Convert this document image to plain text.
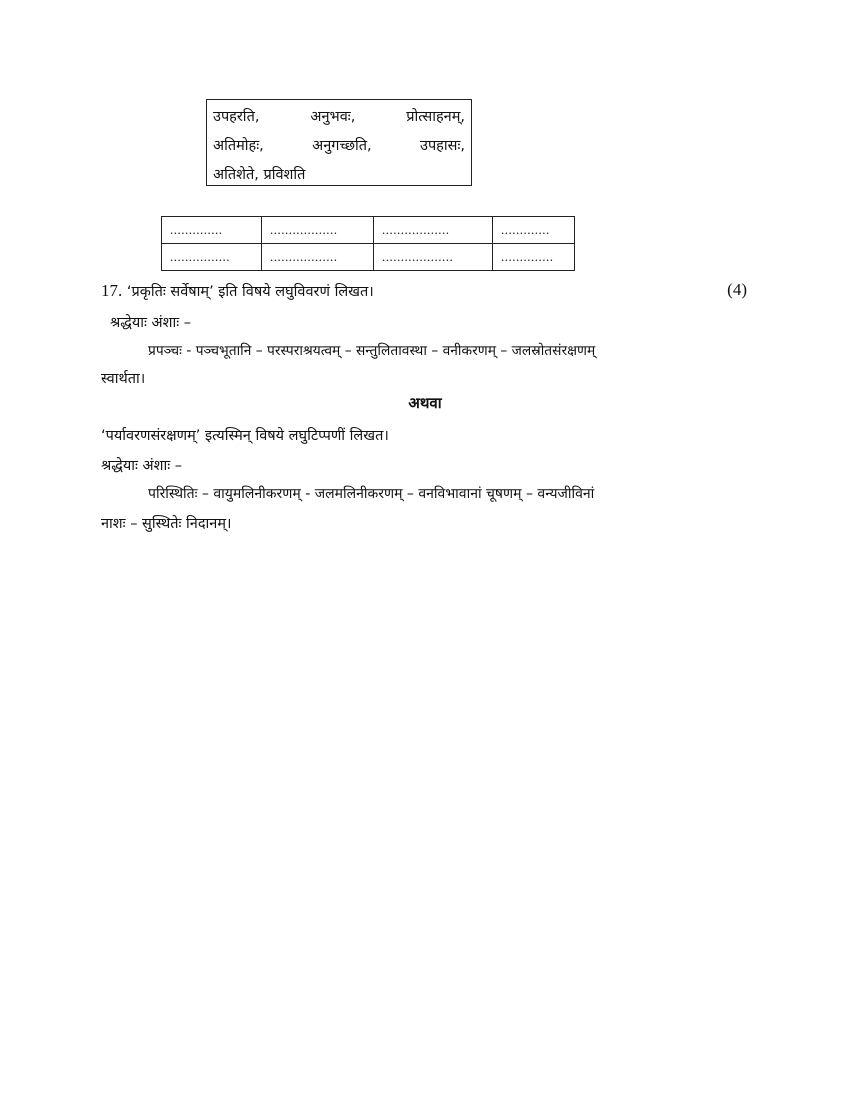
उपहरति,	अनुभवः,	प्रोत्साहनम्,
अतिमोहः,	अनुगच्छति,	उपहासः,
अतिशेते, प्रविशति
..............	..................	..................	.............
................	..................	...................	..............
17. ‘प्रकृतिः सर्वेषाम्’ इति विषये लघुविवरणं लिखत।	(4)
श्रद्धेयाः अंशाः –
प्रपञ्चः - पञ्चभूतानि – परस्पराश्रयत्वम् – सन्तुलितावस्था – वनीकरणम् – जलस्रोतसंरक्षणम्
स्वार्थता।
अथवा
‘पर्यावरणसंरक्षणम्’ इत्यस्मिन् विषये लघुटिप्पणीं लिखत।
श्रद्धेयाः अंशाः –
परिस्थितिः – वायुमलिनीकरणम् - जलमलिनीकरणम् – वनविभावानां चूषणम् – वन्यजीविनां
नाशः – सुस्थितेः निदानम्।
